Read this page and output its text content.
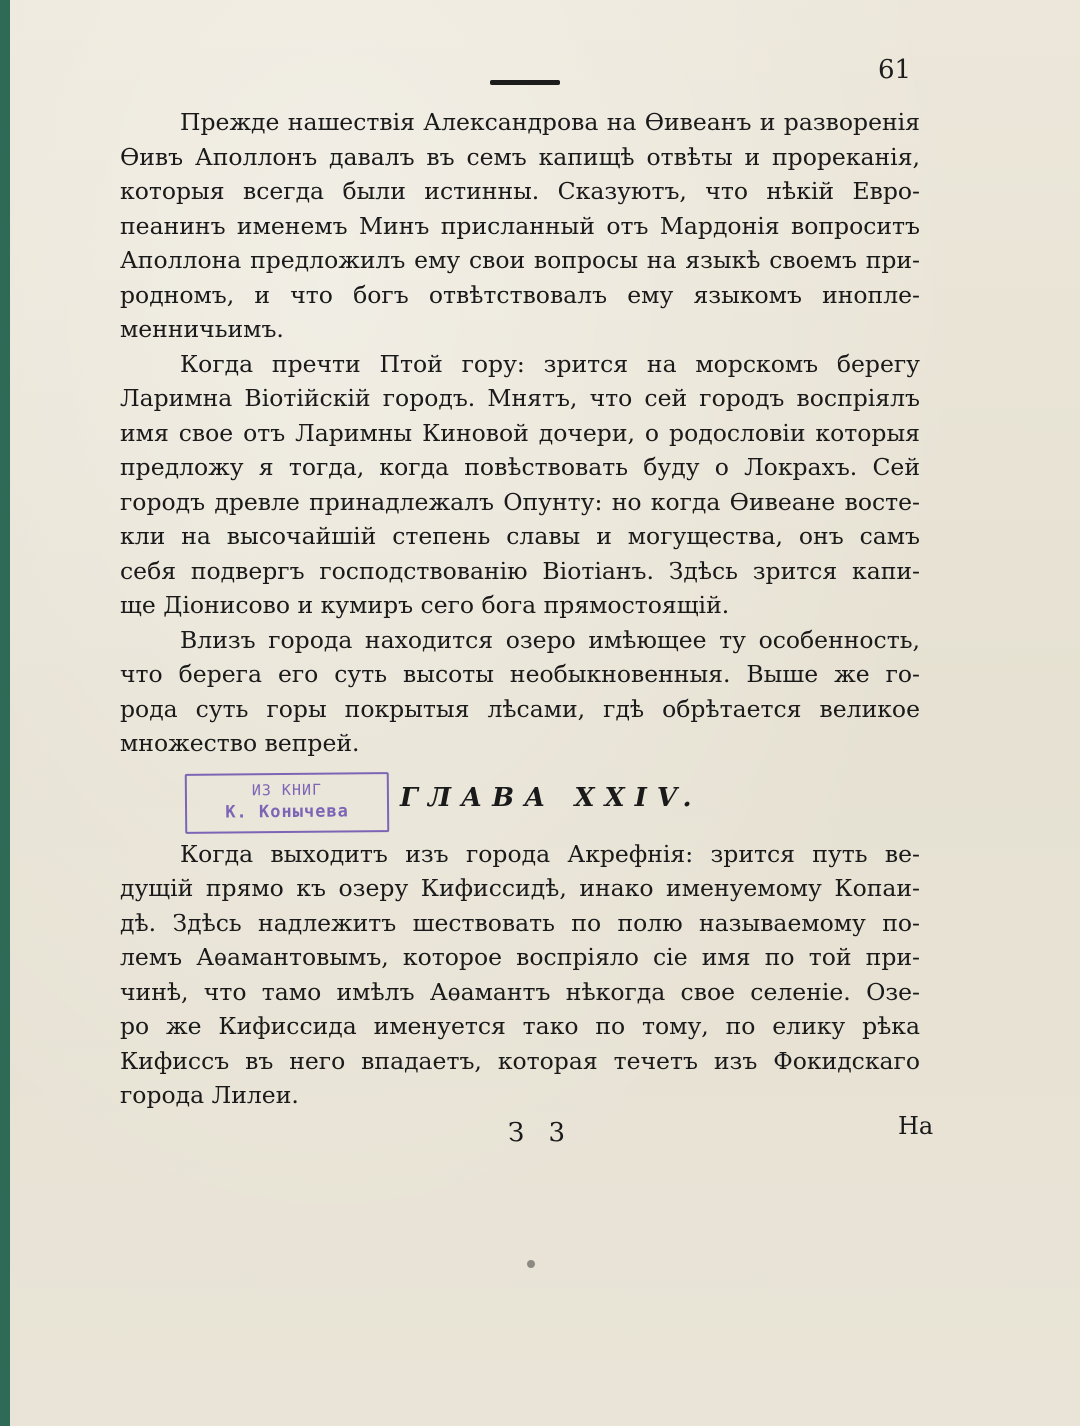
61
Прежде нашествія Александрова на Ѳивеанъ и разворенія
Ѳивъ Аполлонъ давалъ въ семъ капищѣ отвѣты и прореканія,
которыя всегда были истинны. Сказуютъ, что нѣкій Евро-
пеанинъ именемъ Минъ присланный отъ Мардонія вопроситъ
Аполлона предложилъ ему свои вопросы на языкѣ своемъ при-
родномъ, и что богъ отвѣтствовалъ ему языкомъ иноплe-
менничьимъ.
Когда пречти Птой гору: зрится на морскомъ берегу
Ларимна Віотійскій городъ. Мнятъ, что сей городъ воспріялъ
имя свое отъ Ларимны Киновой дочери, о родословіи которыя
предложу я тогда, когда повѣствовать буду о Локрахъ. Сей
городъ древле принадлежалъ Опунту: но когда Ѳивеане востe-
кли на высочайшій степень славы и могущества, онъ самъ
себя подвергъ господствованію Віотіанъ. Здѣсь зрится капи-
ще Діонисово и кумиръ сего бога прямостоящій.
Влизъ города находится озеро имѣющее ту особенность,
что берега его суть высоты необыкновенныя. Выше же го-
рода суть горы покрытыя лѣсами, гдѣ обрѣтается великое
множество вепрей.
ИЗ КНИГ
К. Конычева	ГЛАВА XXIV.
Когда выходитъ изъ города Акрефнія: зрится путь ве-
дущій прямо къ озеру Кифиссидѣ, инако именуемому Копаи-
дѣ. Здѣсь надлежитъ шествовать по полю называемому по-
лемъ Аѳамантовымъ, которое воспріяло сіе имя по той при-
чинѣ, что тамо имѣлъ Аѳамантъ нѣкогда свое селеніе. Озе-
ро же Кифиссида именуется тако по тому, по елику рѣка
Кифиссъ въ него впадаетъ, которая течетъ изъ Фокидскаго
города Лилеи.
З 3	На
